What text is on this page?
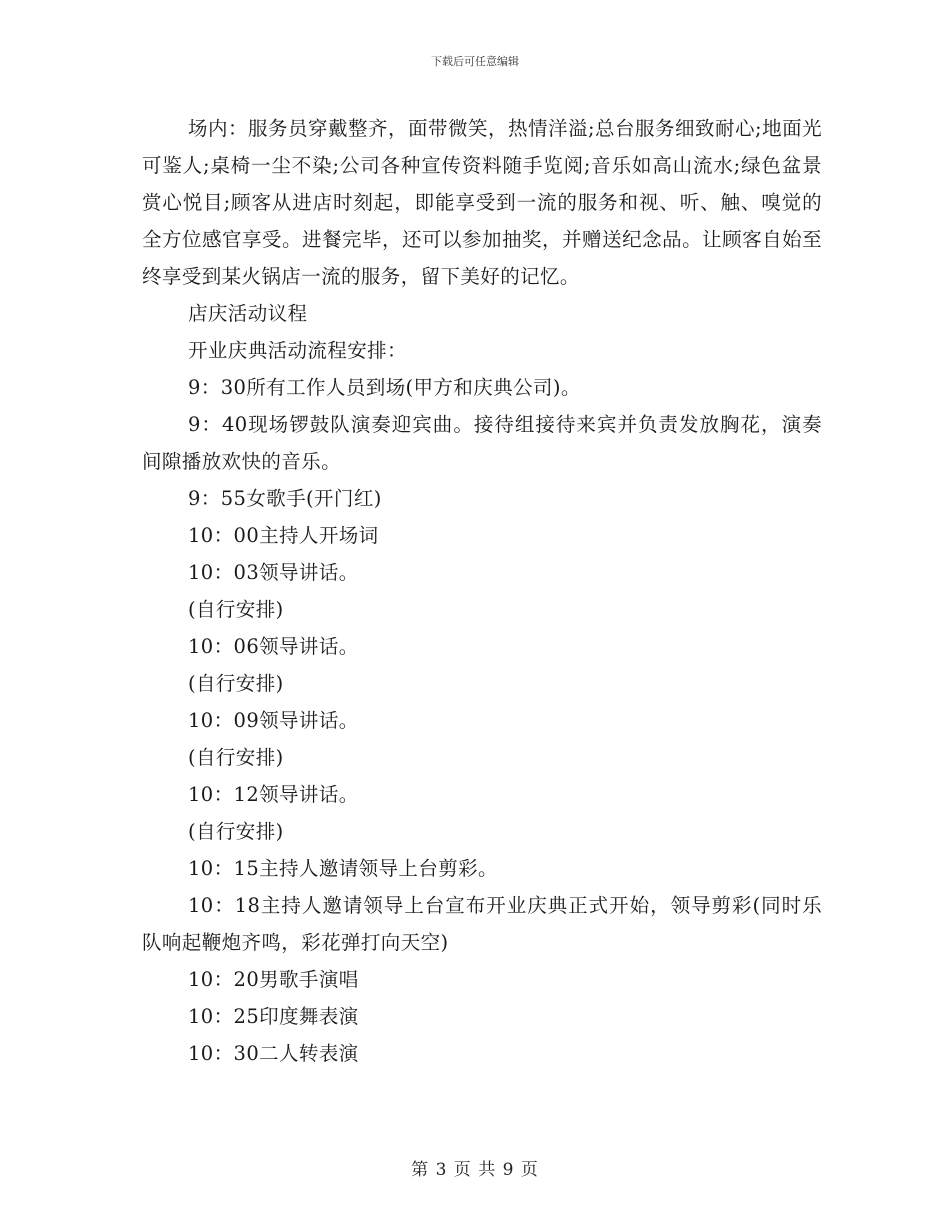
下载后可任意编辑

场内：服务员穿戴整齐，面带微笑，热情洋溢;总台服务细致耐心;地面光可鉴人;桌椅一尘不染;公司各种宣传资料随手览阅;音乐如高山流水;绿色盆景赏心悦目;顾客从进店时刻起，即能享受到一流的服务和视、听、触、嗅觉的全方位感官享受。进餐完毕，还可以参加抽奖，并赠送纪念品。让顾客自始至终享受到某火锅店一流的服务，留下美好的记忆。

店庆活动议程

开业庆典活动流程安排：

9：30所有工作人员到场(甲方和庆典公司)。

9：40现场锣鼓队演奏迎宾曲。接待组接待来宾并负责发放胸花，演奏间隙播放欢快的音乐。

9：55女歌手(开门红)

10：00主持人开场词

10：03领导讲话。

(自行安排)

10：06领导讲话。

(自行安排)

10：09领导讲话。

(自行安排)

10：12领导讲话。

(自行安排)

10：15主持人邀请领导上台剪彩。

10：18主持人邀请领导上台宣布开业庆典正式开始，领导剪彩(同时乐队响起鞭炮齐鸣，彩花弹打向天空)

10：20男歌手演唱

10：25印度舞表演

10：30二人转表演

第 3 页 共 9 页
